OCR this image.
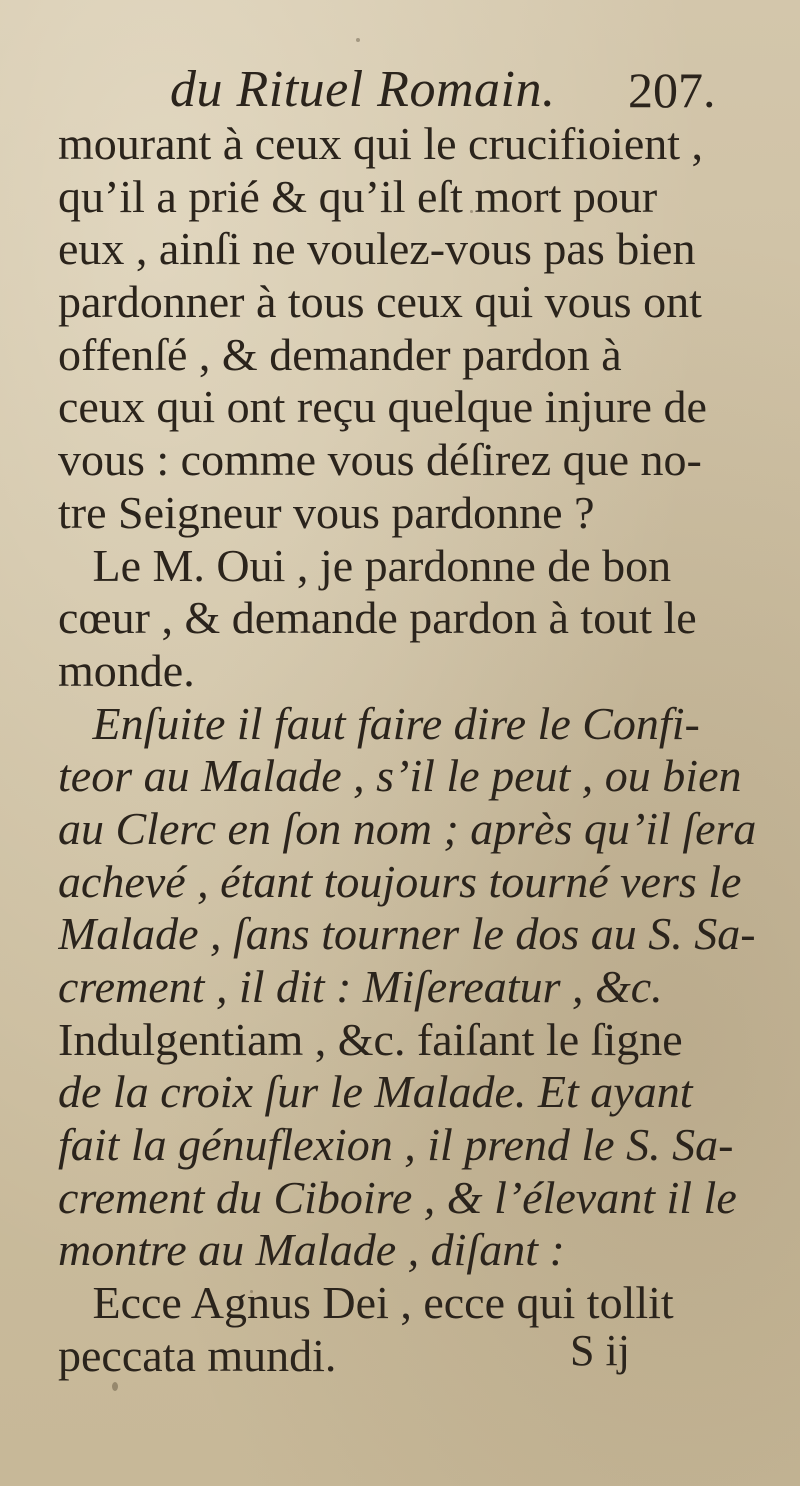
du Rituel Romain. 207.
mourant à ceux qui le crucifioient ,
qu’il a prié & qu’il eſt mort pour
eux , ainſi ne voulez-vous pas bien
pardonner à tous ceux qui vous ont
offenſé , & demander pardon à
ceux qui ont reçu quelque injure de
vous : comme vous déſirez que no-
tre Seigneur vous pardonne ?
Le M. Oui , je pardonne de bon
cœur , & demande pardon à tout le
monde.
Enſuite il faut faire dire le Confi-
teor au Malade , s’il le peut , ou bien
au Clerc en ſon nom ; après qu’il ſera
achevé , étant toujours tourné vers le
Malade , ſans tourner le dos au S. Sa-
crement , il dit : Miſereatur , &c.
Indulgentiam , &c. faiſant le ſigne
de la croix ſur le Malade. Et ayant
fait la génuflexion , il prend le S. Sa-
crement du Ciboire , & l’élevant il le
montre au Malade , diſant :
Ecce Agnus Dei , ecce qui tollit
peccata mundi.	S ij
